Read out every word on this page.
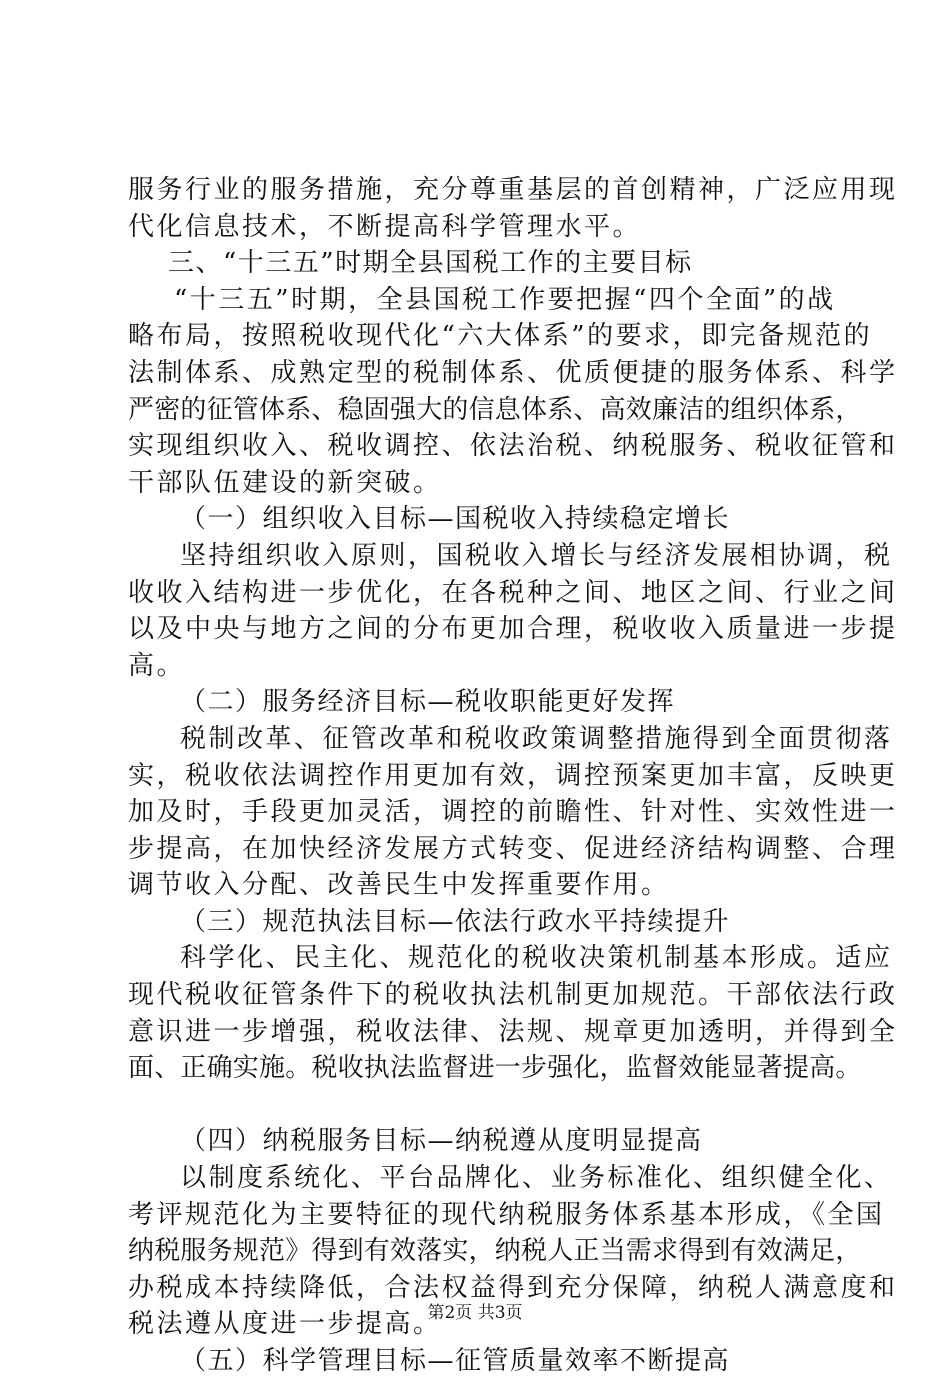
服务行业的服务措施，充分尊重基层的首创精神，广泛应用现
代化信息技术，不断提高科学管理水平。
三、“十三五”时期全县国税工作的主要目标
“十三五”时期，全县国税工作要把握“四个全面”的战
略布局，按照税收现代化“六大体系”的要求，即完备规范的
法制体系、成熟定型的税制体系、优质便捷的服务体系、科学
严密的征管体系、稳固强大的信息体系、高效廉洁的组织体系，
实现组织收入、税收调控、依法治税、纳税服务、税收征管和
干部队伍建设的新突破。
（一）组织收入目标—国税收入持续稳定增长
坚持组织收入原则，国税收入增长与经济发展相协调，税
收收入结构进一步优化，在各税种之间、地区之间、行业之间
以及中央与地方之间的分布更加合理，税收收入质量进一步提
高。
（二）服务经济目标—税收职能更好发挥
税制改革、征管改革和税收政策调整措施得到全面贯彻落
实，税收依法调控作用更加有效，调控预案更加丰富，反映更
加及时，手段更加灵活，调控的前瞻性、针对性、实效性进一
步提高，在加快经济发展方式转变、促进经济结构调整、合理
调节收入分配、改善民生中发挥重要作用。
（三）规范执法目标—依法行政水平持续提升
科学化、民主化、规范化的税收决策机制基本形成。适应
现代税收征管条件下的税收执法机制更加规范。干部依法行政
意识进一步增强，税收法律、法规、规章更加透明，并得到全
面、正确实施。税收执法监督进一步强化，监督效能显著提高。
（四）纳税服务目标—纳税遵从度明显提高
以制度系统化、平台品牌化、业务标准化、组织健全化、
考评规范化为主要特征的现代纳税服务体系基本形成，《全国
纳税服务规范》得到有效落实，纳税人正当需求得到有效满足，
办税成本持续降低，合法权益得到充分保障，纳税人满意度和
税法遵从度进一步提高。
（五）科学管理目标—征管质量效率不断提高
第2页 共3页
